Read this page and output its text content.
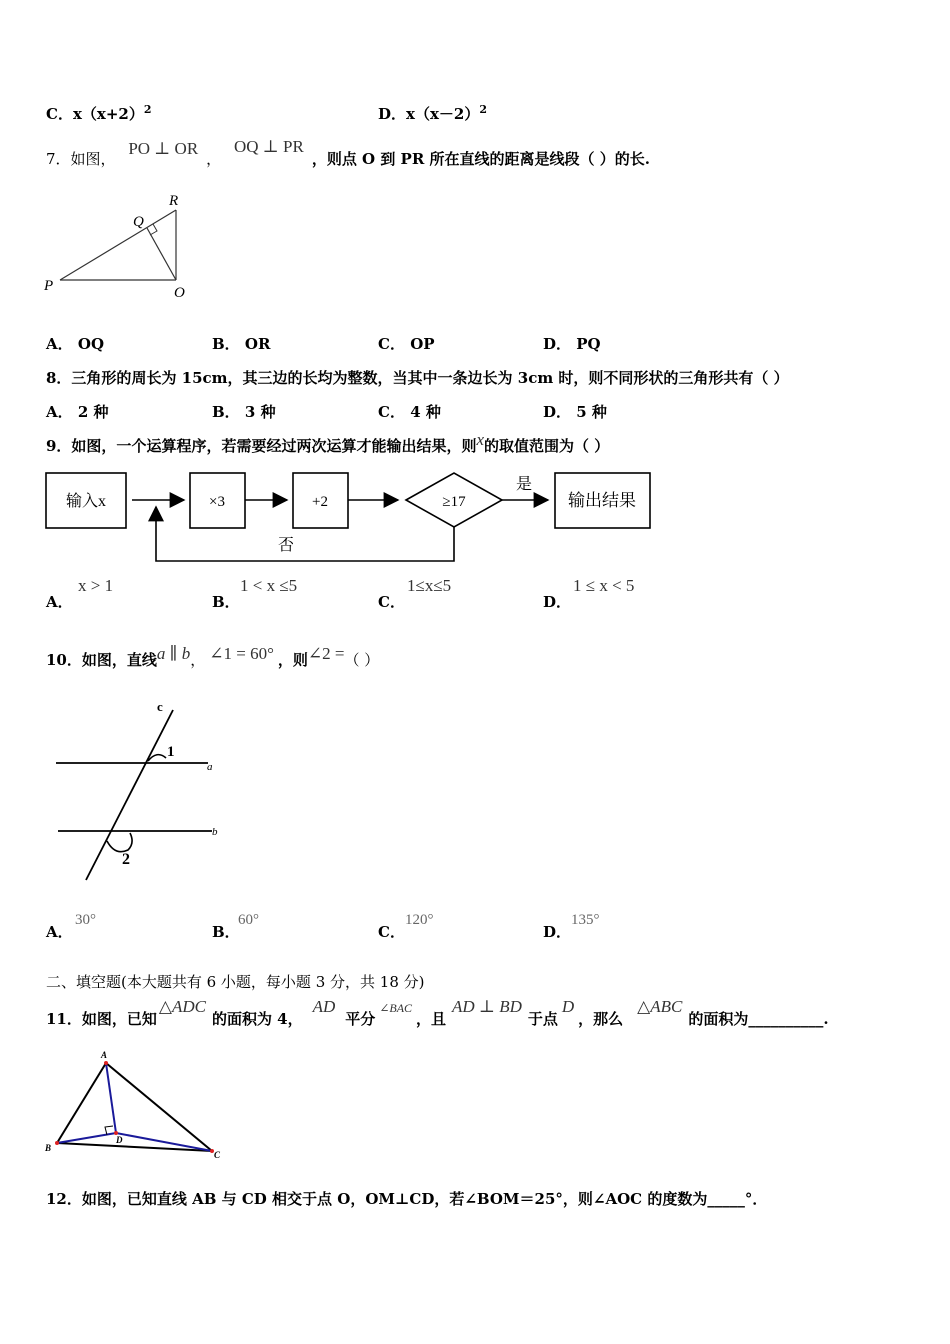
C．$x(x+2)^2$	D．$x(x-2)^2$
7．如图， PO ⊥ OR， OQ ⊥ PR，则点 O 到 PR 所在直线的距离是线段（ ）的长.
R
Q
P	O
A． OQ	B． OR	C． OP	D． PQ
8．三角形的周长为 15cm，其三边的长均为整数，当其中一条边长为 3cm 时，则不同形状的三角形共有（ ）
A． 2 种	B． 3 种	C． 4 种	D． 5 种
9．如图，一个运算程序，若需要经过两次运算才能输出结果，则x的取值范围为（ ）
输入x	×3	+2	≥17
是
输出结果
否
A．
x > 1
B．
1 < x ≤5
C．
1≤x≤5
D．
1 ≤ x < 5
10．如图，直线a ∥ b， ∠1 = 60° ，则∠2 =（ ）
c
a
b
1
2
A．
30°
B．
60°
C．
120°
D．
135°
二、填空题(本大题共有 6 小题，每小题 3 分，共 18 分)
11．如图，已知△ADC的面积为 4，AD平分$^{\angle BAC}$，且AD ⊥ BD于点D，那么△ABC的面积为__________.
A
B
C
D
12．如图，已知直线 AB 与 CD 相交于点 O，OM⊥CD，若∠BOM＝25°，则∠AOC 的度数为_____°．
